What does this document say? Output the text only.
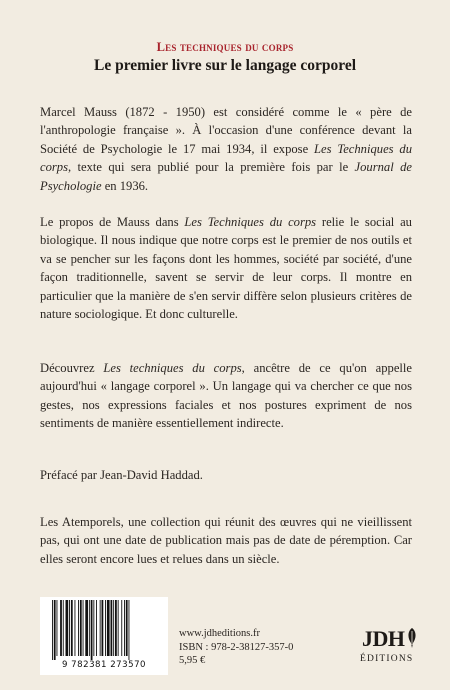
Les techniques du corps
Le premier livre sur le langage corporel

Marcel Mauss (1872 - 1950) est considéré comme le « père de l'anthropologie française ». À l'occasion d'une conférence devant la Société de Psychologie le 17 mai 1934, il expose Les Techniques du corps, texte qui sera publié pour la première fois par le Journal de Psychologie en 1936.

Le propos de Mauss dans Les Techniques du corps relie le social au biologique. Il nous indique que notre corps est le premier de nos outils et va se pencher sur les façons dont les hommes, société par société, d'une façon traditionnelle, savent se servir de leur corps. Il montre en particulier que la manière de s'en servir diffère selon plusieurs critères de nature sociologique. Et donc culturelle.

Découvrez Les techniques du corps, ancêtre de ce qu'on appelle aujourd'hui « langage corporel ». Un langage qui va chercher ce que nos gestes, nos expressions faciales et nos postures expriment de nos sentiments de manière essentiellement indirecte.

Préfacé par Jean-David Haddad.

Les Atemporels, une collection qui réunit des œuvres qui ne vieillissent pas, qui ont une date de publication mais pas de date de péremption. Car elles seront encore lues et relues dans un siècle.

9 782381 273570
www.jdheditions.fr
ISBN : 978-2-38127-357-0
5,95 €
JDH
ÉDITIONS
